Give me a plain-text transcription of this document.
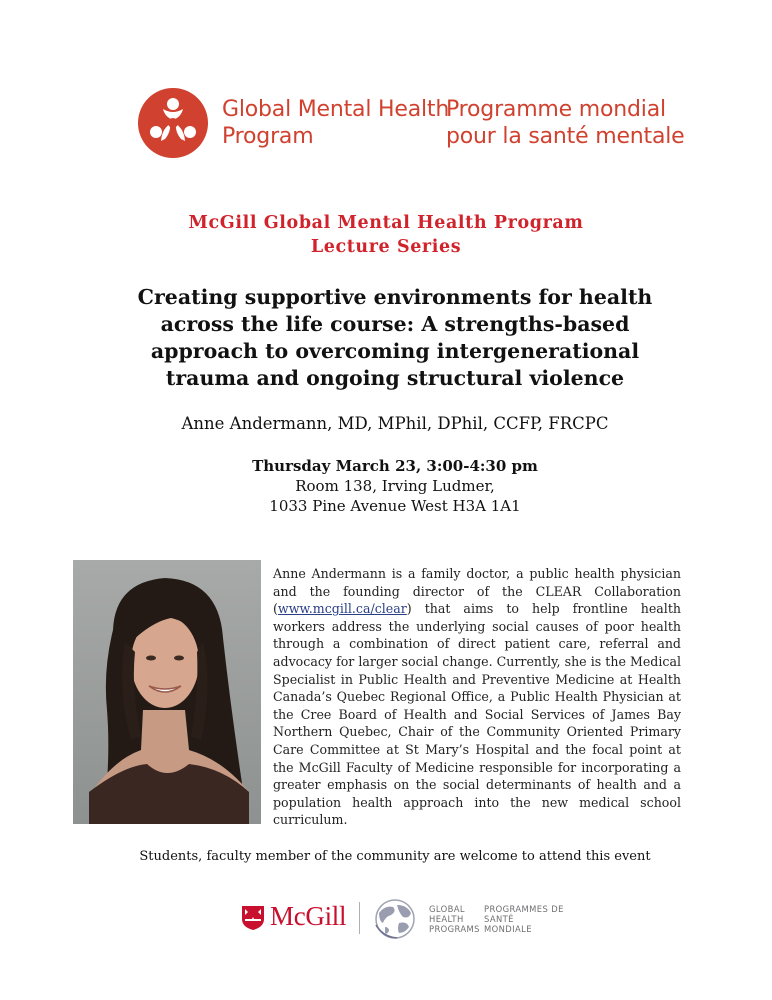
Global Mental Health
Program
Programme mondial
pour la santé mentale
McGill Global Mental Health Program
Lecture Series
Creating supportive environments for health across the life course: A strengths-based approach to overcoming intergenerational trauma and ongoing structural violence
Anne Andermann, MD, MPhil, DPhil, CCFP, FRCPC
Thursday March 23, 3:00-4:30 pm
Room 138, Irving Ludmer,
1033 Pine Avenue West H3A 1A1
Anne Andermann is a family doctor, a public health physician and the founding director of the CLEAR Collaboration (www.mcgill.ca/clear) that aims to help frontline health workers address the underlying social causes of poor health through a combination of direct patient care, referral and advocacy for larger social change. Currently, she is the Medical Specialist in Public Health and Preventive Medicine at Health Canada’s Quebec Regional Office, a Public Health Physician at the Cree Board of Health and Social Services of James Bay Northern Quebec, Chair of the Community Oriented Primary Care Committee at St Mary’s Hospital and the focal point at the McGill Faculty of Medicine responsible for incorporating a greater emphasis on the social determinants of health and a population health approach into the new medical school curriculum.
Students, faculty member of the community are welcome to attend this event
McGill	GLOBAL
HEALTH
PROGRAMS
PROGRAMMES DE
SANTÉ
MONDIALE
